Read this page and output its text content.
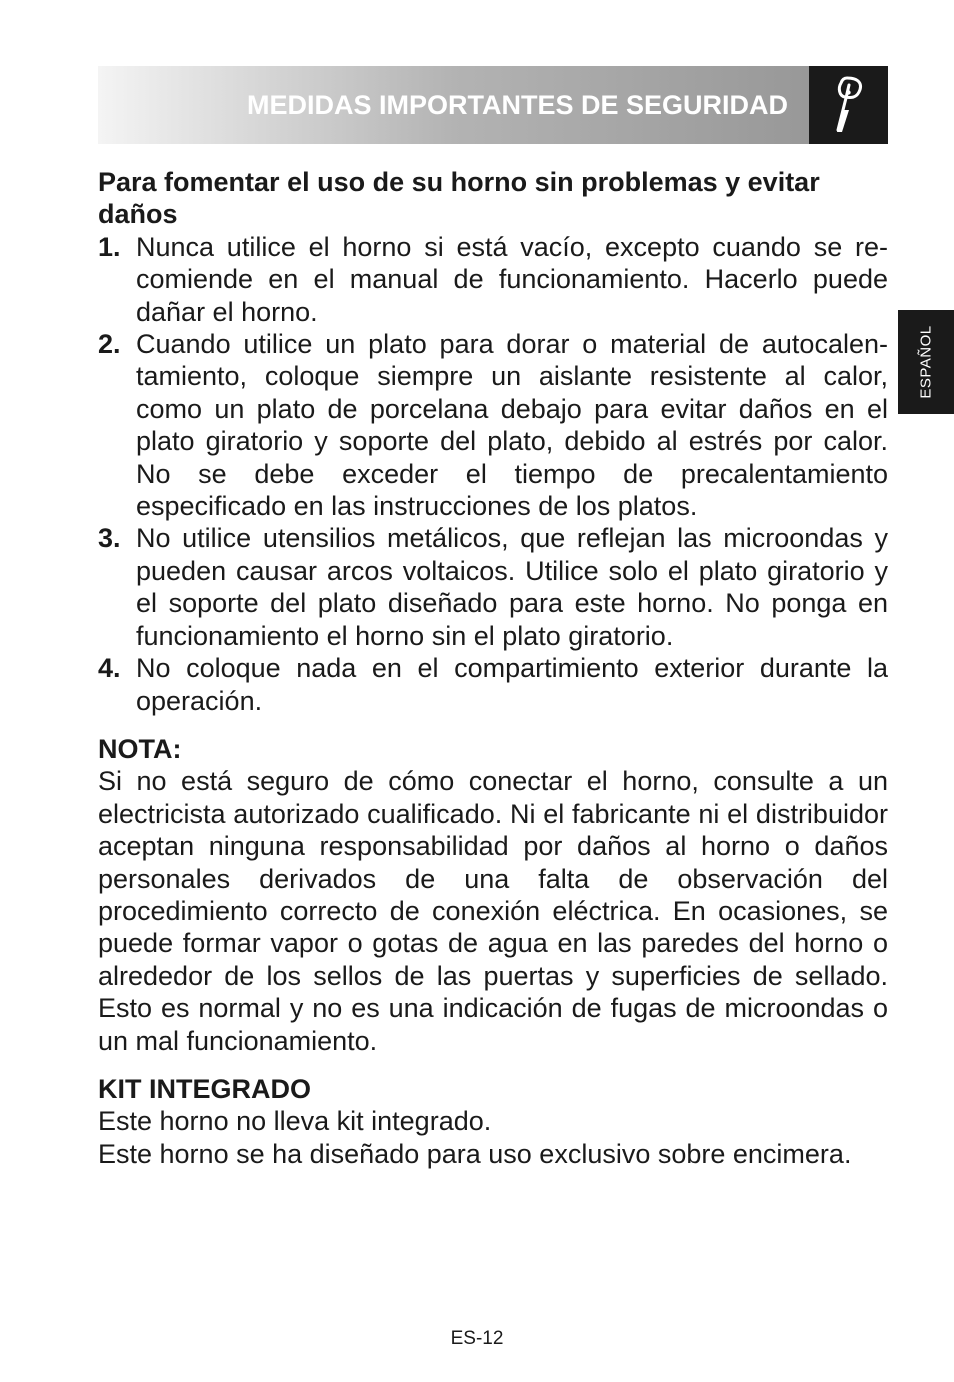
MEDIDAS IMPORTANTES DE SEGURIDAD
ESPAÑOL

Para fomentar el uso de su horno sin problemas y evitar daños

1. Nunca utilice el horno si está vacío, excepto cuando se recomiende en el manual de funcionamiento. Hacerlo puede dañar el horno.
2. Cuando utilice un plato para dorar o material de autocalentamiento, coloque siempre un aislante resistente al calor, como un plato de porcelana debajo para evitar daños en el plato giratorio y soporte del plato, debido al estrés por calor. No se debe exceder el tiempo de precalentamiento especificado en las instrucciones de los platos.
3. No utilice utensilios metálicos, que reflejan las microondas y pueden causar arcos voltaicos. Utilice solo el plato giratorio y el soporte del plato diseñado para este horno. No ponga en funcionamiento el horno sin el plato giratorio.
4. No coloque nada en el compartimiento exterior durante la operación.

NOTA:

Si no está seguro de cómo conectar el horno, consulte a un electricista autorizado cualificado. Ni el fabricante ni el distribuidor aceptan ninguna responsabilidad por daños al horno o daños personales derivados de una falta de observación del procedimiento correcto de conexión eléctrica. En ocasiones, se puede formar vapor o gotas de agua en las paredes del horno o alrededor de los sellos de las puertas y superficies de sellado. Esto es normal y no es una indicación de fugas de microondas o un mal funcionamiento.

KIT INTEGRADO

Este horno no lleva kit integrado.

Este horno se ha diseñado para uso exclusivo sobre encimera.

ES-12
